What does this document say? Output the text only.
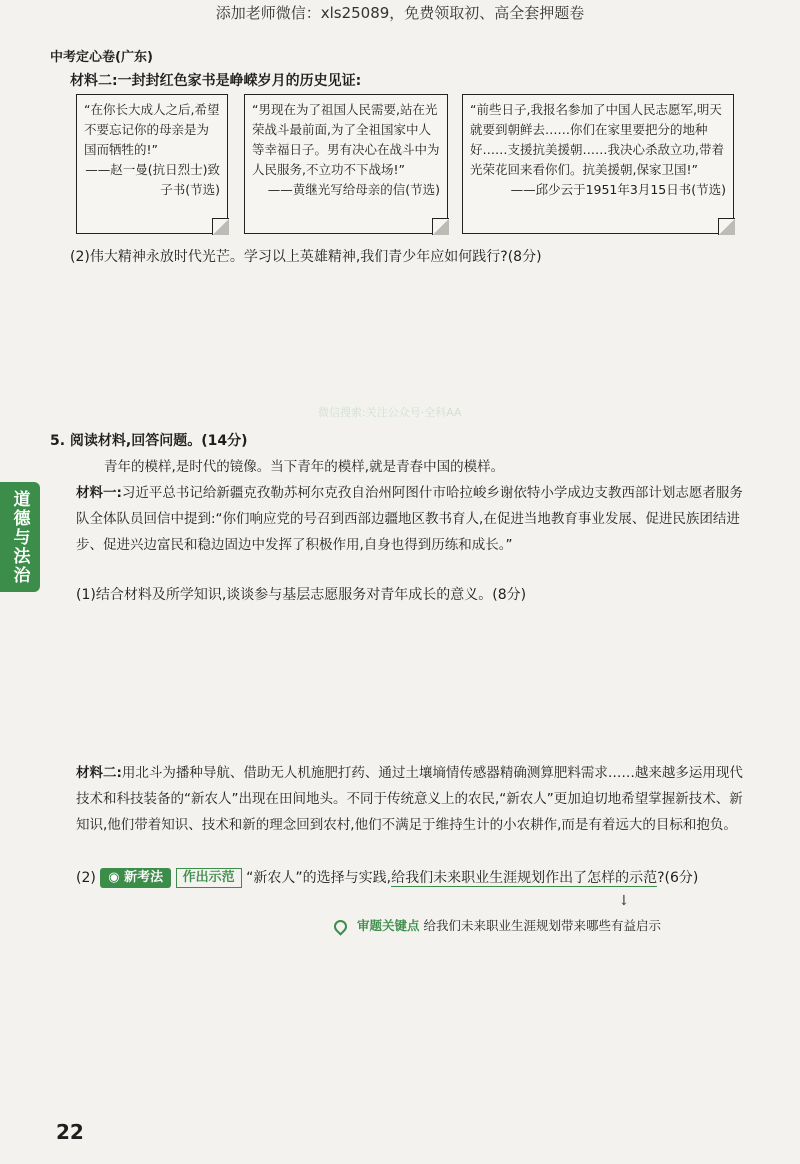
添加老师微信：xls25089，免费领取初、高全套押题卷
中考定心卷(广东)
材料二:一封封红色家书是峥嵘岁月的历史见证:
“在你长大成人之后,希望不要忘记你的母亲是为国而牺牲的!”
——赵一曼(抗日烈士)致子书(节选)
“男现在为了祖国人民需要,站在光荣战斗最前面,为了全祖国家中人等幸福日子。男有决心在战斗中为人民服务,不立功不下战场!”
——黄继光写给母亲的信(节选)
“前些日子,我报名参加了中国人民志愿军,明天就要到朝鲜去……你们在家里要把分的地种好……支援抗美援朝……我决心杀敌立功,带着光荣花回来看你们。抗美援朝,保家卫国!”
——邱少云于1951年3月15日书(节选)
(2)伟大精神永放时代光芒。学习以上英雄精神,我们青少年应如何践行?(8分)
微信搜索:关注公众号·全科AA
5. 阅读材料,回答问题。(14分)
青年的模样,是时代的镜像。当下青年的模样,就是青春中国的模样。
材料一:习近平总书记给新疆克孜勒苏柯尔克孜自治州阿图什市哈拉峻乡谢依特小学成边支教西部计划志愿者服务队全体队员回信中提到:“你们响应党的号召到西部边疆地区教书育人,在促进当地教育事业发展、促进民族团结进步、促进兴边富民和稳边固边中发挥了积极作用,自身也得到历练和成长。”
(1)结合材料及所学知识,谈谈参与基层志愿服务对青年成长的意义。(8分)
道德与法治
材料二:用北斗为播种导航、借助无人机施肥打药、通过土壤墒情传感器精确测算肥料需求……越来越多运用现代技术和科技装备的“新农人”出现在田间地头。不同于传统意义上的农民,“新农人”更加迫切地希望掌握新技术、新知识,他们带着知识、技术和新的理念回到农村,他们不满足于维持生计的小农耕作,而是有着远大的目标和抱负。
(2) ◉ 新考法 作出示范 “新农人”的选择与实践,给我们未来职业生涯规划作出了怎样的示范?(6分)
↓
审题关键点 给我们未来职业生涯规划带来哪些有益启示
22
